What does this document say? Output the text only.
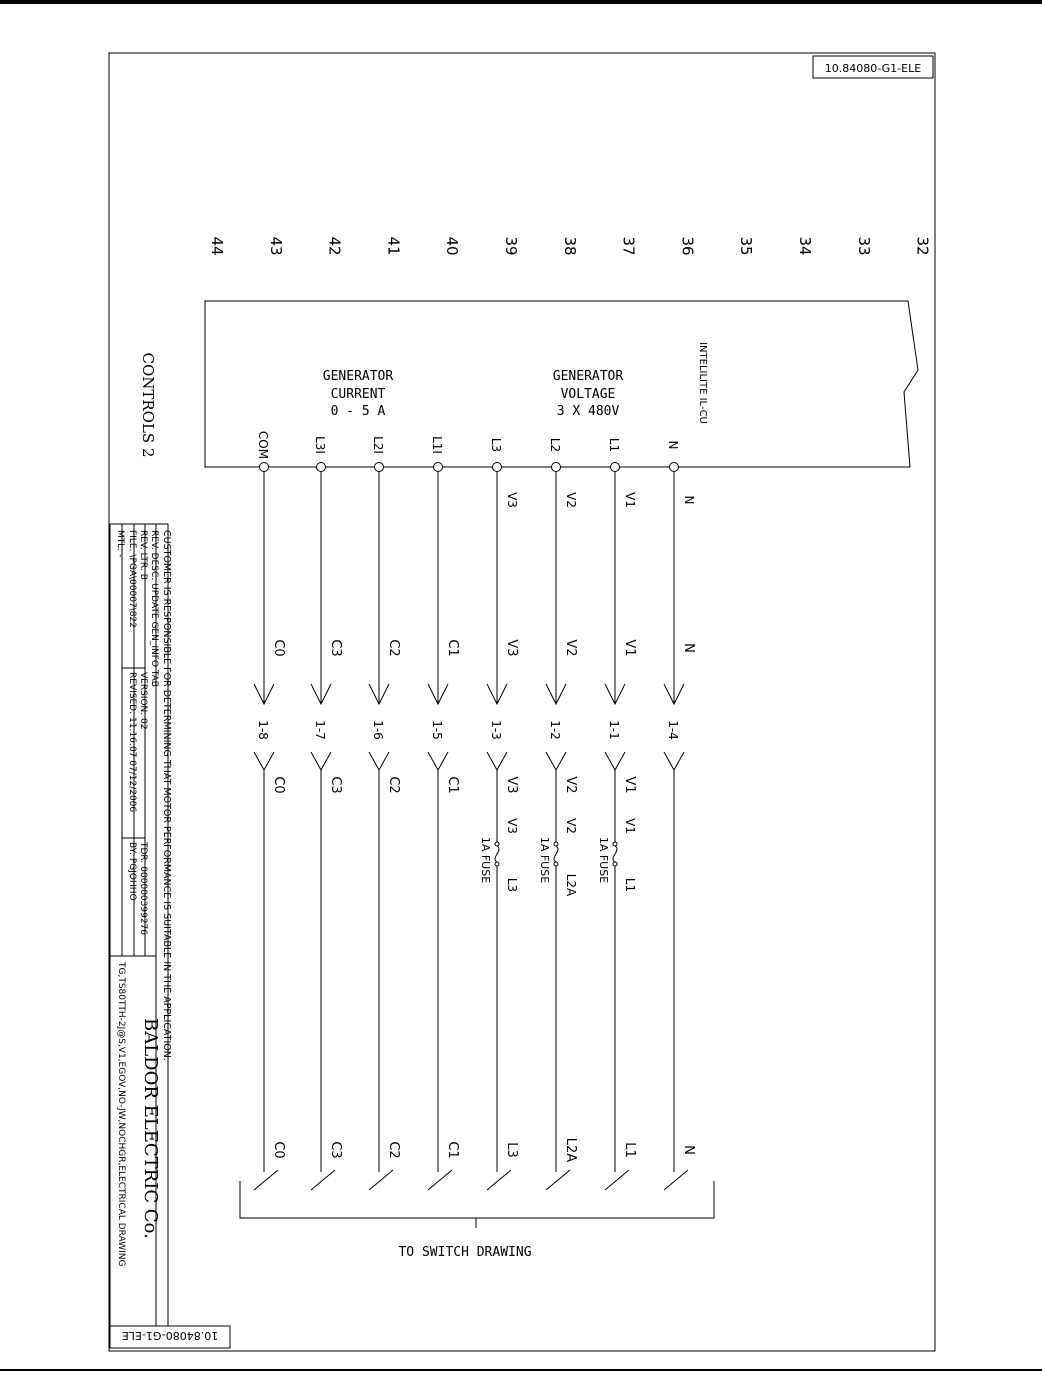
10.84080-G1-ELE
10.84080-G1-ELE
44	43	42	41	40	39	38	37	36	35	34	33	32
CONTROLS 2	INTELILITE IL-CU
GENERATOR
CURRENT
0 - 5 A
GENERATOR
VOLTAGE
3 X 480V
COM
C0
1-8
C0
C0
L3I
C3
1-7
C3
C3
L2I
C2
1-6
C2
C2
L1I
C1
1-5
C1
C1
L3
V3
V3
1-3
V3
V3
1A FUSE
L3
L3
L2
V2
V2
1-2
V2
V2
1A FUSE
L2A
L2A
L1
V1
V1
1-1
V1
V1
1A FUSE
L1
L1
N
N
N
1-4
N
TO SWITCH DRAWING
CUSTOMER IS RESPONSIBLE FOR DETERMINING THAT MOTOR PERFORMANCE IS SUITABLE IN THE APPLICATION.
REV. DESC: UPDATE GEN_INFO TAB
REV. LTR: B
VERSION: 02
TDR: 000000399276
FILE: \PGA\00007\822
REVISED: 11:16:07 07/12/2006
BY: PGJOHHO
MTL: -
BALDOR ELECTRIC Co.
TG,TS80TTH-2J@S,V1,EGOV,NO-JW,NOCHGR,ELECTRICAL DRAWING
